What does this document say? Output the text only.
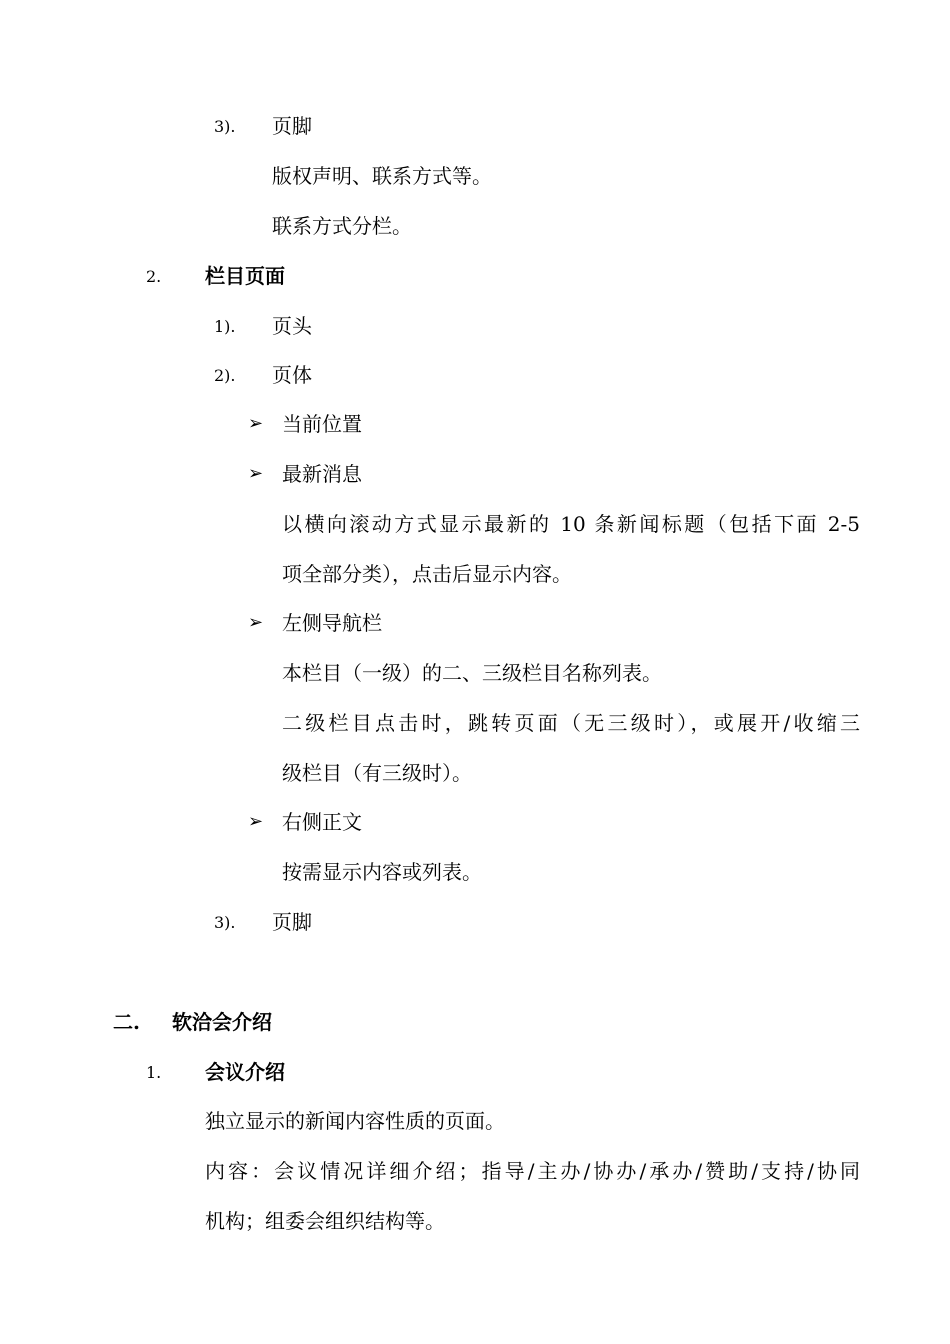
3). 页脚
版权声明、联系方式等。
联系方式分栏。
2. 栏目页面
1). 页头
2). 页体
➢ 当前位置
➢ 最新消息
以横向滚动方式显示最新的 10 条新闻标题（包括下面 2-5
项全部分类），点击后显示内容。
➢ 左侧导航栏
本栏目（一级）的二、三级栏目名称列表。
二级栏目点击时，跳转页面（无三级时），或展开/收缩三
级栏目（有三级时）。
➢ 右侧正文
按需显示内容或列表。
3). 页脚
二. 软洽会介绍
1. 会议介绍
独立显示的新闻内容性质的页面。
内容：会议情况详细介绍；指导/主办/协办/承办/赞助/支持/协同
机构；组委会组织结构等。
